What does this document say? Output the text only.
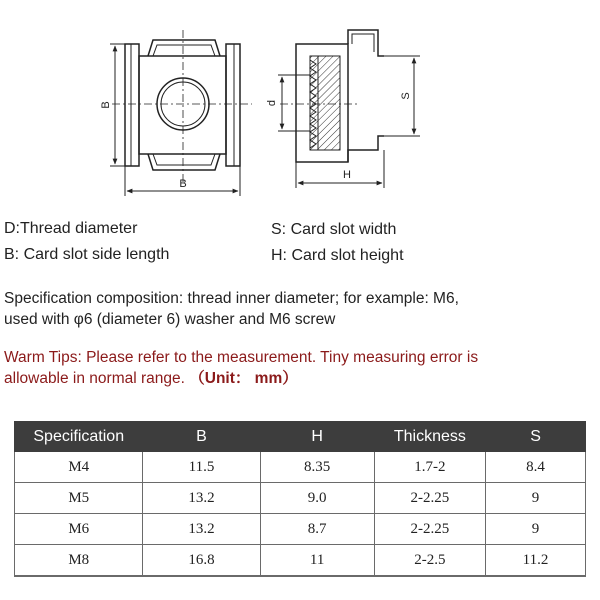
B
B
d
S
H
D:Thread diameter
B: Card slot side length
S: Card slot width
H: Card slot height
Specification composition: thread inner diameter; for example: M6,
used with φ6 (diameter 6) washer and M6 screw
Warm Tips: Please refer to the measurement. Tiny measuring error is
allowable in normal range. （Unit： mm）
Specification	B	H	Thickness	S
M4	11.5	8.35	1.7-2	8.4
M5	13.2	9.0	2-2.25	9
M6	13.2	8.7	2-2.25	9
M8	16.8	11	2-2.5	11.2
